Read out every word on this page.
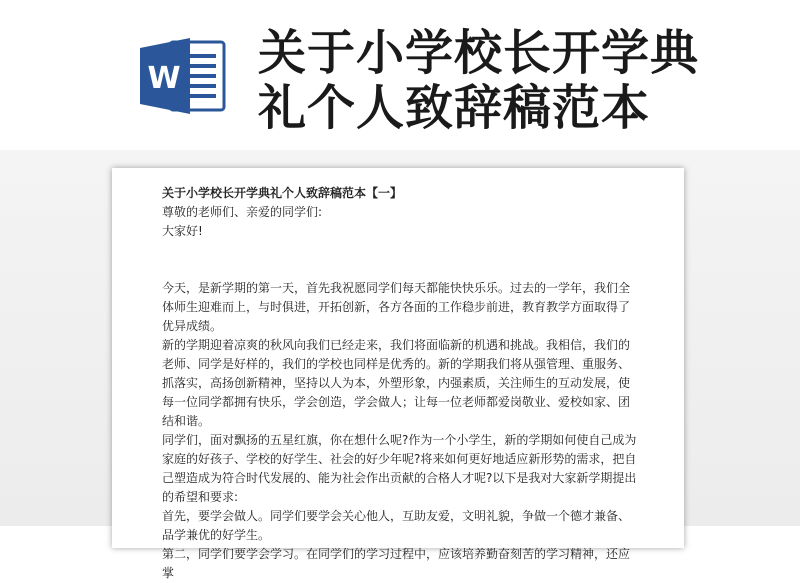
W 关于小学校长开学典
礼个人致辞稿范本

关于小学校长开学典礼个人致辞稿范本【一】

尊敬的老师们、亲爱的同学们:

大家好!

今天，是新学期的第一天，首先我祝愿同学们每天都能快快乐乐。过去的一学年，我们全体师生迎难而上，与时俱进，开拓创新，各方各面的工作稳步前进，教育教学方面取得了优异成绩。

新的学期迎着凉爽的秋风向我们已经走来，我们将面临新的机遇和挑战。我相信，我们的老师、同学是好样的，我们的学校也同样是优秀的。新的学期我们将从强管理、重服务、抓落实，高扬创新精神，坚持以人为本，外塑形象，内强素质，关注师生的互动发展，使每一位同学都拥有快乐，学会创造，学会做人；让每一位老师都爱岗敬业、爱校如家、团结和谐。

同学们，面对飘扬的五星红旗，你在想什么呢?作为一个小学生，新的学期如何使自己成为家庭的好孩子、学校的好学生、社会的好少年呢?将来如何更好地适应新形势的需求，把自己塑造成为符合时代发展的、能为社会作出贡献的合格人才呢?以下是我对大家新学期提出的希望和要求:

首先，要学会做人。同学们要学会关心他人，互助友爱，文明礼貌，争做一个德才兼备、品学兼优的好学生。

第二，同学们要学会学习。在同学们的学习过程中，应该培养勤奋刻苦的学习精神，还应掌
